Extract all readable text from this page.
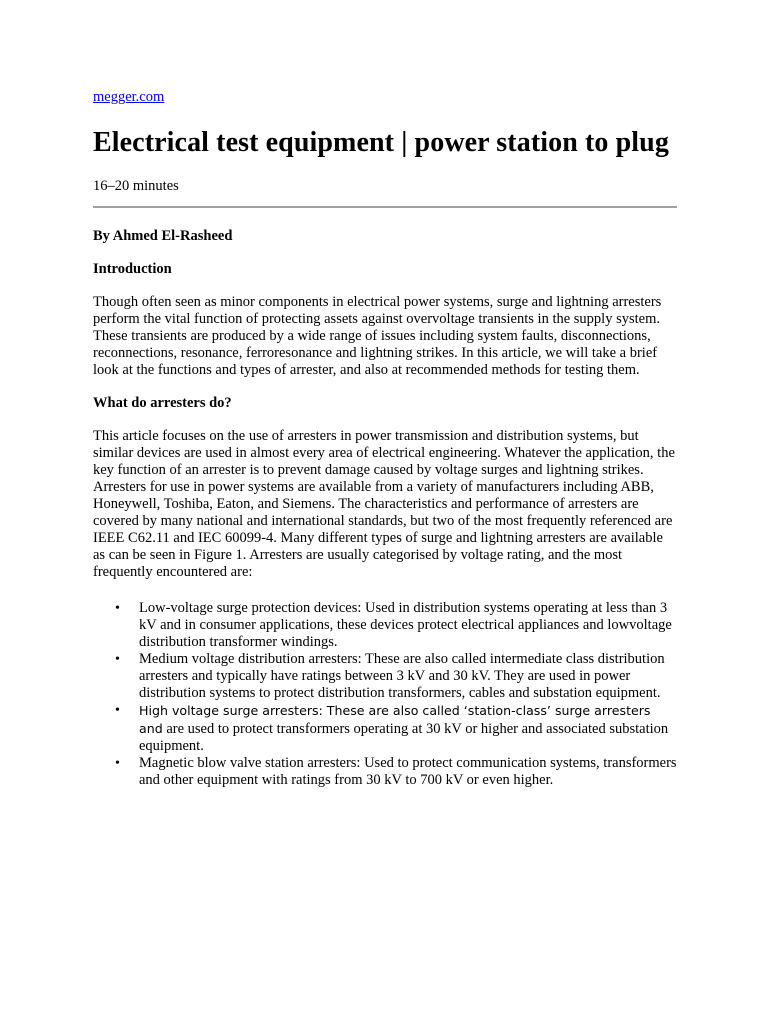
megger.com
Electrical test equipment | power station to plug

16–20 minutes

By Ahmed El-Rasheed

Introduction

Though often seen as minor components in electrical power systems, surge and lightning arresters perform the vital function of protecting assets against overvoltage transients in the supply system. These transients are produced by a wide range of issues including system faults, disconnections, reconnections, resonance, ferroresonance and lightning strikes. In this article, we will take a brief look at the functions and types of arrester, and also at recommended methods for testing them.

What do arresters do?

This article focuses on the use of arresters in power transmission and distribution systems, but similar devices are used in almost every area of electrical engineering. Whatever the application, the key function of an arrester is to prevent damage caused by voltage surges and lightning strikes. Arresters for use in power systems are available from a variety of manufacturers including ABB, Honeywell, Toshiba, Eaton, and Siemens. The characteristics and performance of arresters are covered by many national and international standards, but two of the most frequently referenced are IEEE C62.11 and IEC 60099-4. Many different types of surge and lightning arresters are available as can be seen in Figure 1. Arresters are usually categorised by voltage rating, and the most frequently encountered are:

• Low-voltage surge protection devices: Used in distribution systems operating at less than 3 kV and in consumer applications, these devices protect electrical appliances and lowvoltage distribution transformer windings.
• Medium voltage distribution arresters: These are also called intermediate class distribution arresters and typically have ratings between 3 kV and 30 kV. They are used in power distribution systems to protect distribution transformers, cables and substation equipment.
• High voltage surge arresters: These are also called ‘station-class’ surge arresters and are used to protect transformers operating at 30 kV or higher and associated substation equipment.
• Magnetic blow valve station arresters: Used to protect communication systems, transformers and other equipment with ratings from 30 kV to 700 kV or even higher.
